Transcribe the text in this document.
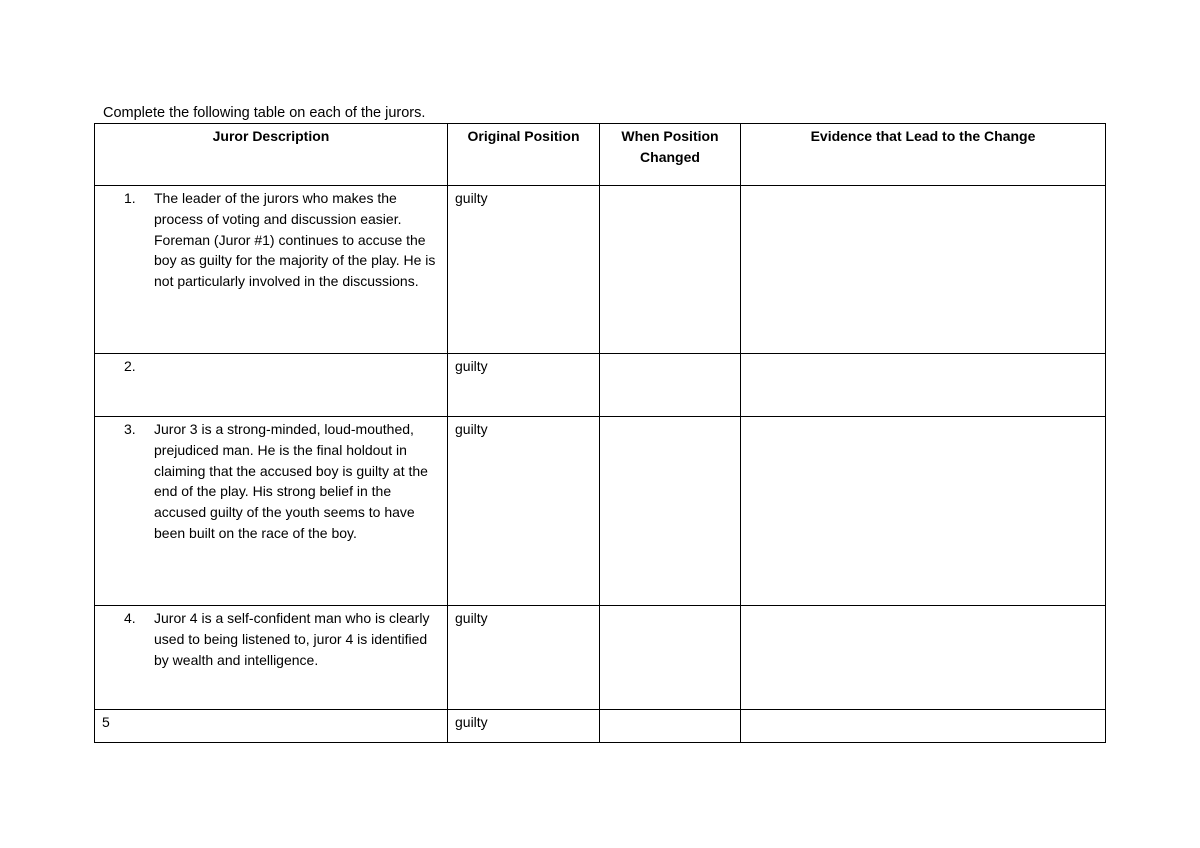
Complete the following table on each of the jurors.
Juror Description	Original Position	When Position Changed	Evidence that Lead to the Change

1. The leader of the jurors who makes the process of voting and discussion easier. Foreman (Juror #1) continues to accuse the boy as guilty for the majority of the play. He is not particularly involved in the discussions.	guilty		

2.	guilty		

3. Juror 3 is a strong-minded, loud-mouthed, prejudiced man. He is the final holdout in claiming that the accused boy is guilty at the end of the play. His strong belief in the accused guilty of the youth seems to have been built on the race of the boy.	guilty		

4. Juror 4 is a self-confident man who is clearly used to being listened to, juror 4 is identified by wealth and intelligence.	guilty		
5	guilty		
